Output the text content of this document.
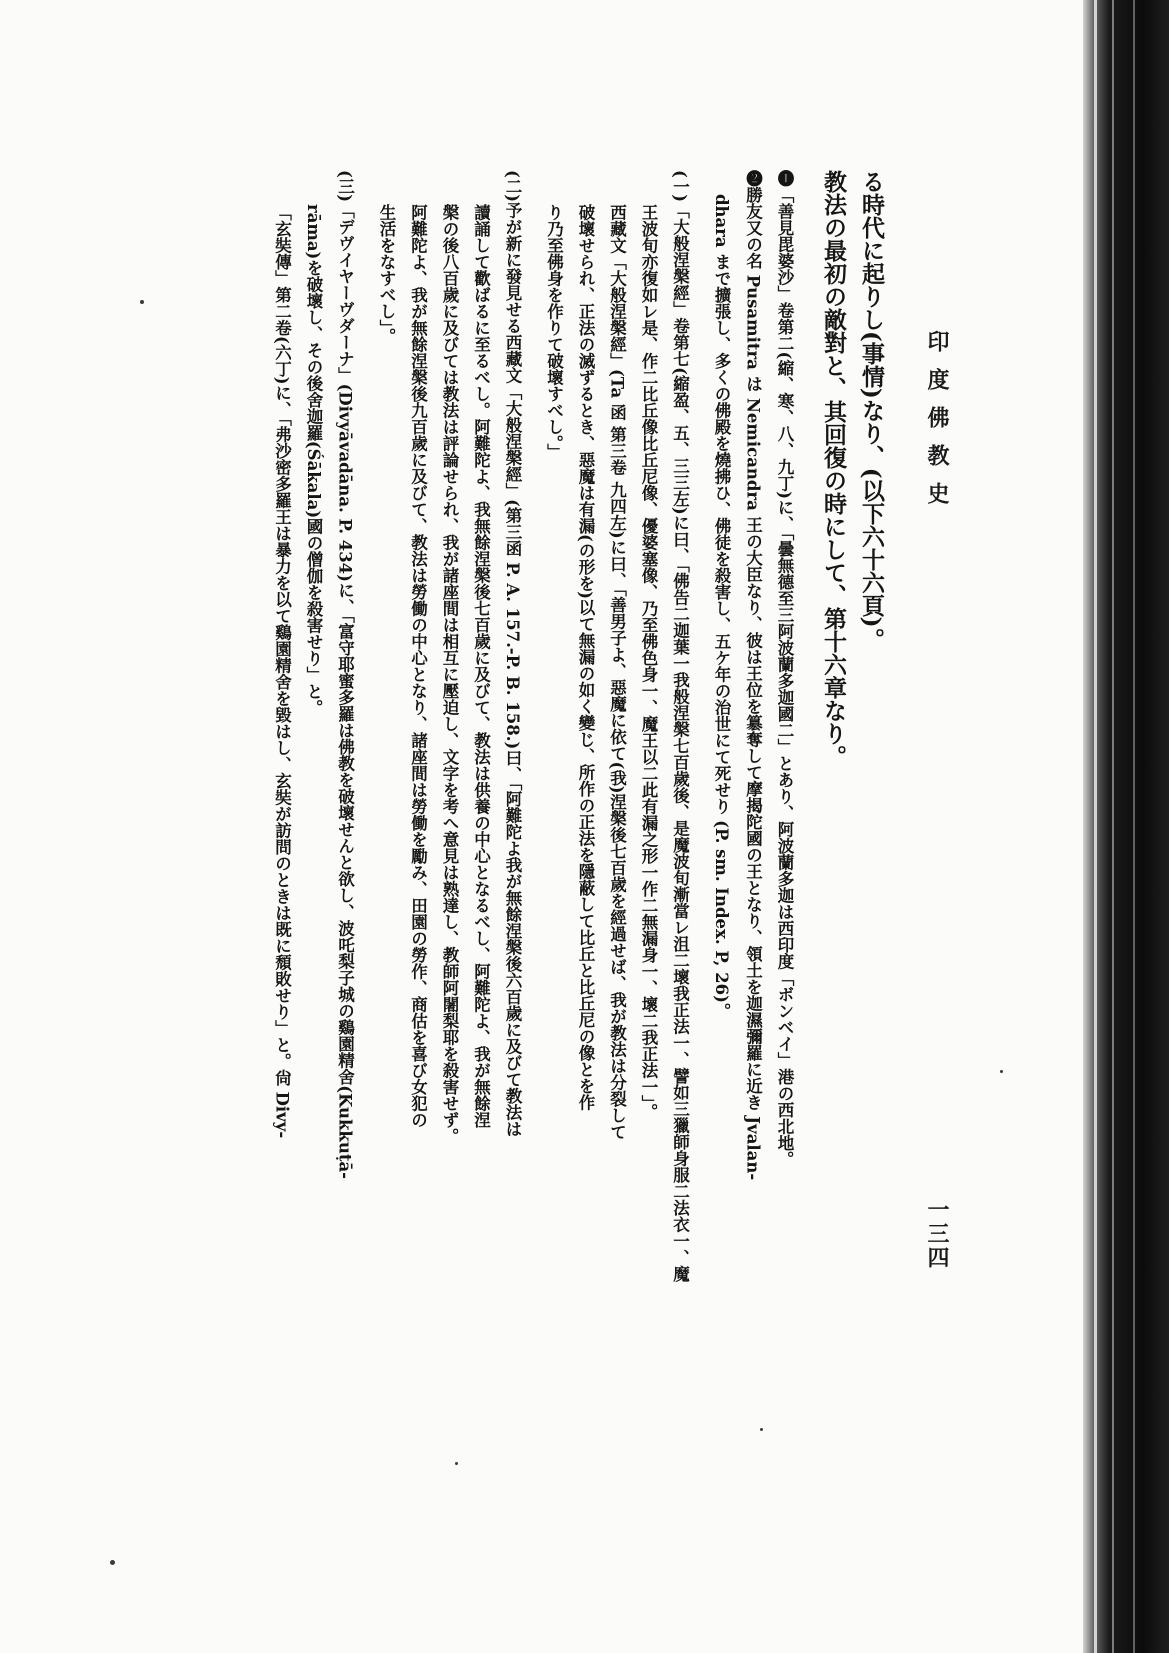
印度佛教史
一三四
る時代に起りし(事情)なり、(以下六十六頁)。
教法の最初の敵對と、其回復の時にして、第十六章なり。
❶「善見毘婆沙」卷第二(縮、寒、八、九丁)に、「曇無德至三阿波蘭多迦國二」とあり、阿波蘭多迦は西印度「ボンベイ」港の西北地。
❷勝友又の名 Pusamitra は Nemicandra 王の大臣なり、彼は王位を簒奪して摩揭陀國の王となり、領土を迦濕彌羅に近き Jvalan-
dhara まで擴張し、多くの佛殿を燒拂ひ、佛徒を殺害し、五ケ年の治世にて死せり (P. sm. Index. P, 26)。
(一)「大般涅槃經」卷第七(縮盈、五、三三左)に曰、「佛告二迦葉一我般涅槃七百歲後、是魔波旬漸當レ沮二壞我正法一、譬如三獵師身服二法衣一、魔
王波旬亦復如レ是、作二比丘像比丘尼像、優婆塞像、乃至佛色身一、魔王以二此有漏之形一作二無漏身一、壞二我正法一」。
西藏文「大般涅槃經」(Ta 函 第三卷 九四左)に曰、「善男子よ、惡魔に依て(我)涅槃後七百歲を經過せば、我が教法は分裂して
破壞せられ、正法の滅ずるとき、惡魔は有漏(の形を)以て無漏の如く變じ、所作の正法を隱蔽して比丘と比丘尼の像とを作
り乃至佛身を作りて破壞すべし。」
(二)予が新に發見せる西藏文「大般涅槃經」(第三函 P. A. 157.-P. B. 158.)曰、「阿難陀よ我が無餘涅槃後六百歲に及びて教法は
讀誦して歡ばるに至るべし。阿難陀よ、我無餘涅槃後七百歲に及びて、教法は供養の中心となるべし、阿難陀よ、我が無餘涅
槃の後八百歲に及びては教法は評論せられ、我が諸座間は相互に壓迫し、文字を考へ意見は熟達し、教師阿闍梨耶を殺害せず。
阿難陀よ、我が無餘涅槃後九百歲に及びて、教法は勞働の中心となり、諸座間は勞働を勵み、田園の勞作、商估を喜び女犯の
生活をなすべし」。
(三)「デヴイヤーヴダーナ」(Divyāvadāna. P. 434)に、「富守耶蜜多羅は佛教を破壞せんと欲し、波吒梨子城の鷄園精舍(Kukkuṭā-
rāma)を破壞し、その後舍迦羅(Śākala)國の僧伽を殺害せり」と。
「玄奘傳」第二卷(六丁)に、「弗沙密多羅王は暴力を以て鷄園精舍を毀はし、玄奘が訪問のときは既に頹敗せり」と。尙 Divy-
